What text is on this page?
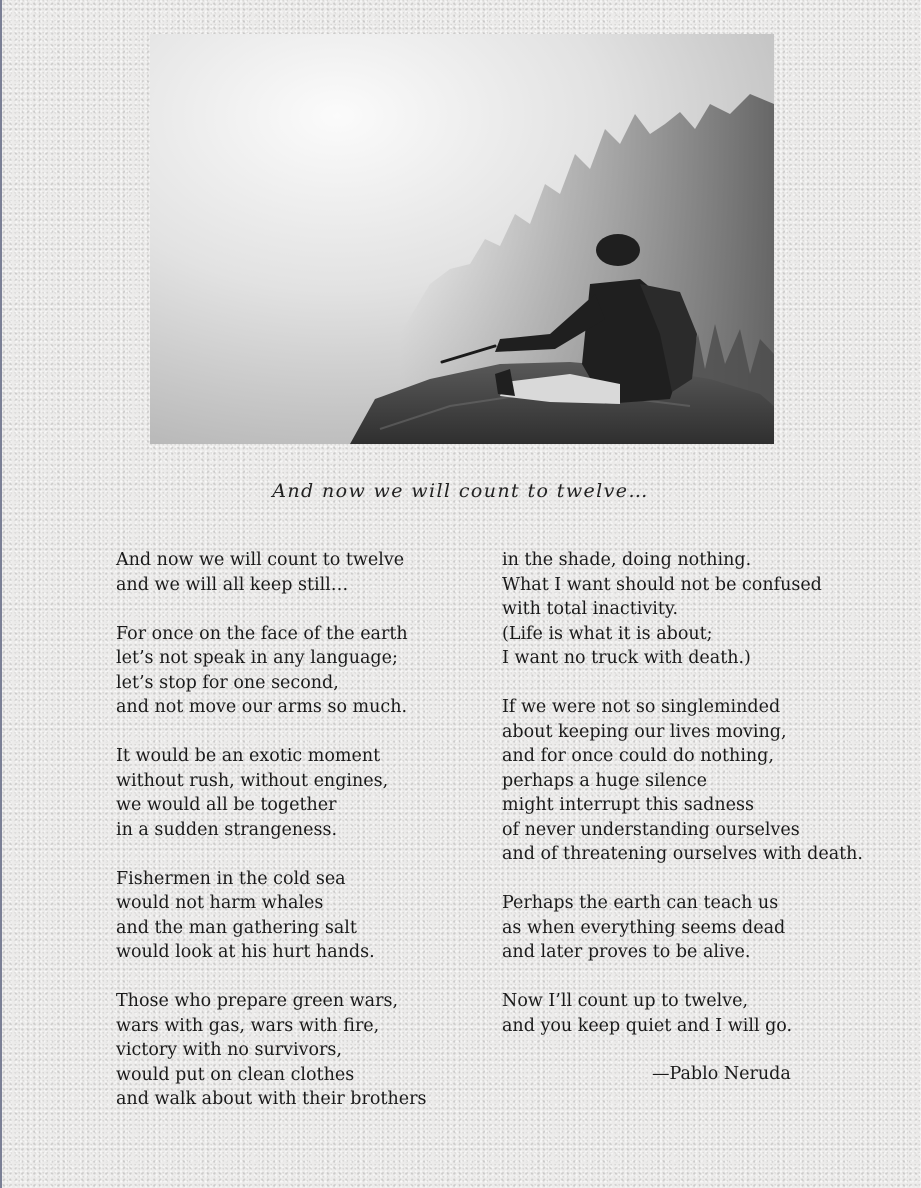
And now we will count to twelve…
And now we will count to twelve
and we will all keep still…
For once on the face of the earth
let’s not speak in any language;
let’s stop for one second,
and not move our arms so much.
It would be an exotic moment
without rush, without engines,
we would all be together
in a sudden strangeness.
Fishermen in the cold sea
would not harm whales
and the man gathering salt
would look at his hurt hands.
Those who prepare green wars,
wars with gas, wars with fire,
victory with no survivors,
would put on clean clothes
and walk about with their brothers
in the shade, doing nothing.
What I want should not be confused
with total inactivity.
(Life is what it is about;
I want no truck with death.)
If we were not so singleminded
about keeping our lives moving,
and for once could do nothing,
perhaps a huge silence
might interrupt this sadness
of never understanding ourselves
and of threatening ourselves with death.
Perhaps the earth can teach us
as when everything seems dead
and later proves to be alive.
Now I’ll count up to twelve,
and you keep quiet and I will go.
—Pablo Neruda
